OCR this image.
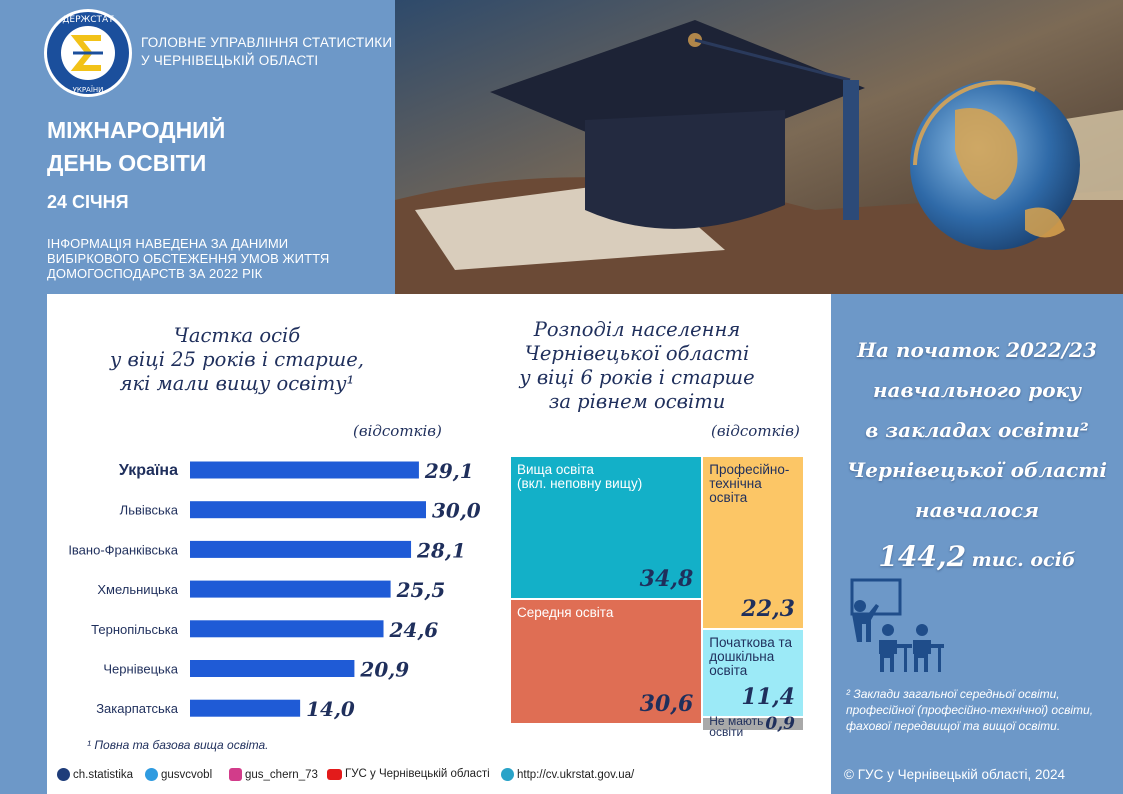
ДЕРЖСТАТ
УКРАЇНИ
ГОЛОВНЕ УПРАВЛІННЯ СТАТИСТИКИ
У ЧЕРНІВЕЦЬКІЙ ОБЛАСТІ
МІЖНАРОДНИЙ
ДЕНЬ ОСВІТИ
24 СІЧНЯ
ІНФОРМАЦІЯ НАВЕДЕНА ЗА ДАНИМИ
ВИБІРКОВОГО ОБСТЕЖЕННЯ УМОВ ЖИТТЯ
ДОМОГОСПОДАРСТВ ЗА 2022 РІК
Частка осіб
у віці 25 років і старше,
які мали вищу освіту¹
(відсотків)
Україна	29,1
Львівська	30,0
Івано-Франківська	28,1
Хмельницька	25,5
Тернопільська	24,6
Чернівецька	20,9
Закарпатська	14,0
¹ Повна та базова вища освіта.
Розподіл населення
Чернівецької області
у віці 6 років і старше
за рівнем освіти
(відсотків)
Вища освіта
(вкл. неповну вищу)
34,8
Середня освіта
30,6
Професійно-
технічна
освіта
22,3
Початкова та
дошкільна
освіта
11,4
Не мають
освіти	0,9
На початок 2022/23
навчального року
в закладах освіти²
Чернівецької області
навчалося
144,2 тис. осіб
² Заклади загальної середньої освіти, професійної (професійно-технічної) освіти, фахової передвищої та вищої освіти.
© ГУС у Чернівецькій області, 2024
ch.statistika gusvcvobl	gus_chern_73 ГУС у Чернівецькій області http://cv.ukrstat.gov.ua/
